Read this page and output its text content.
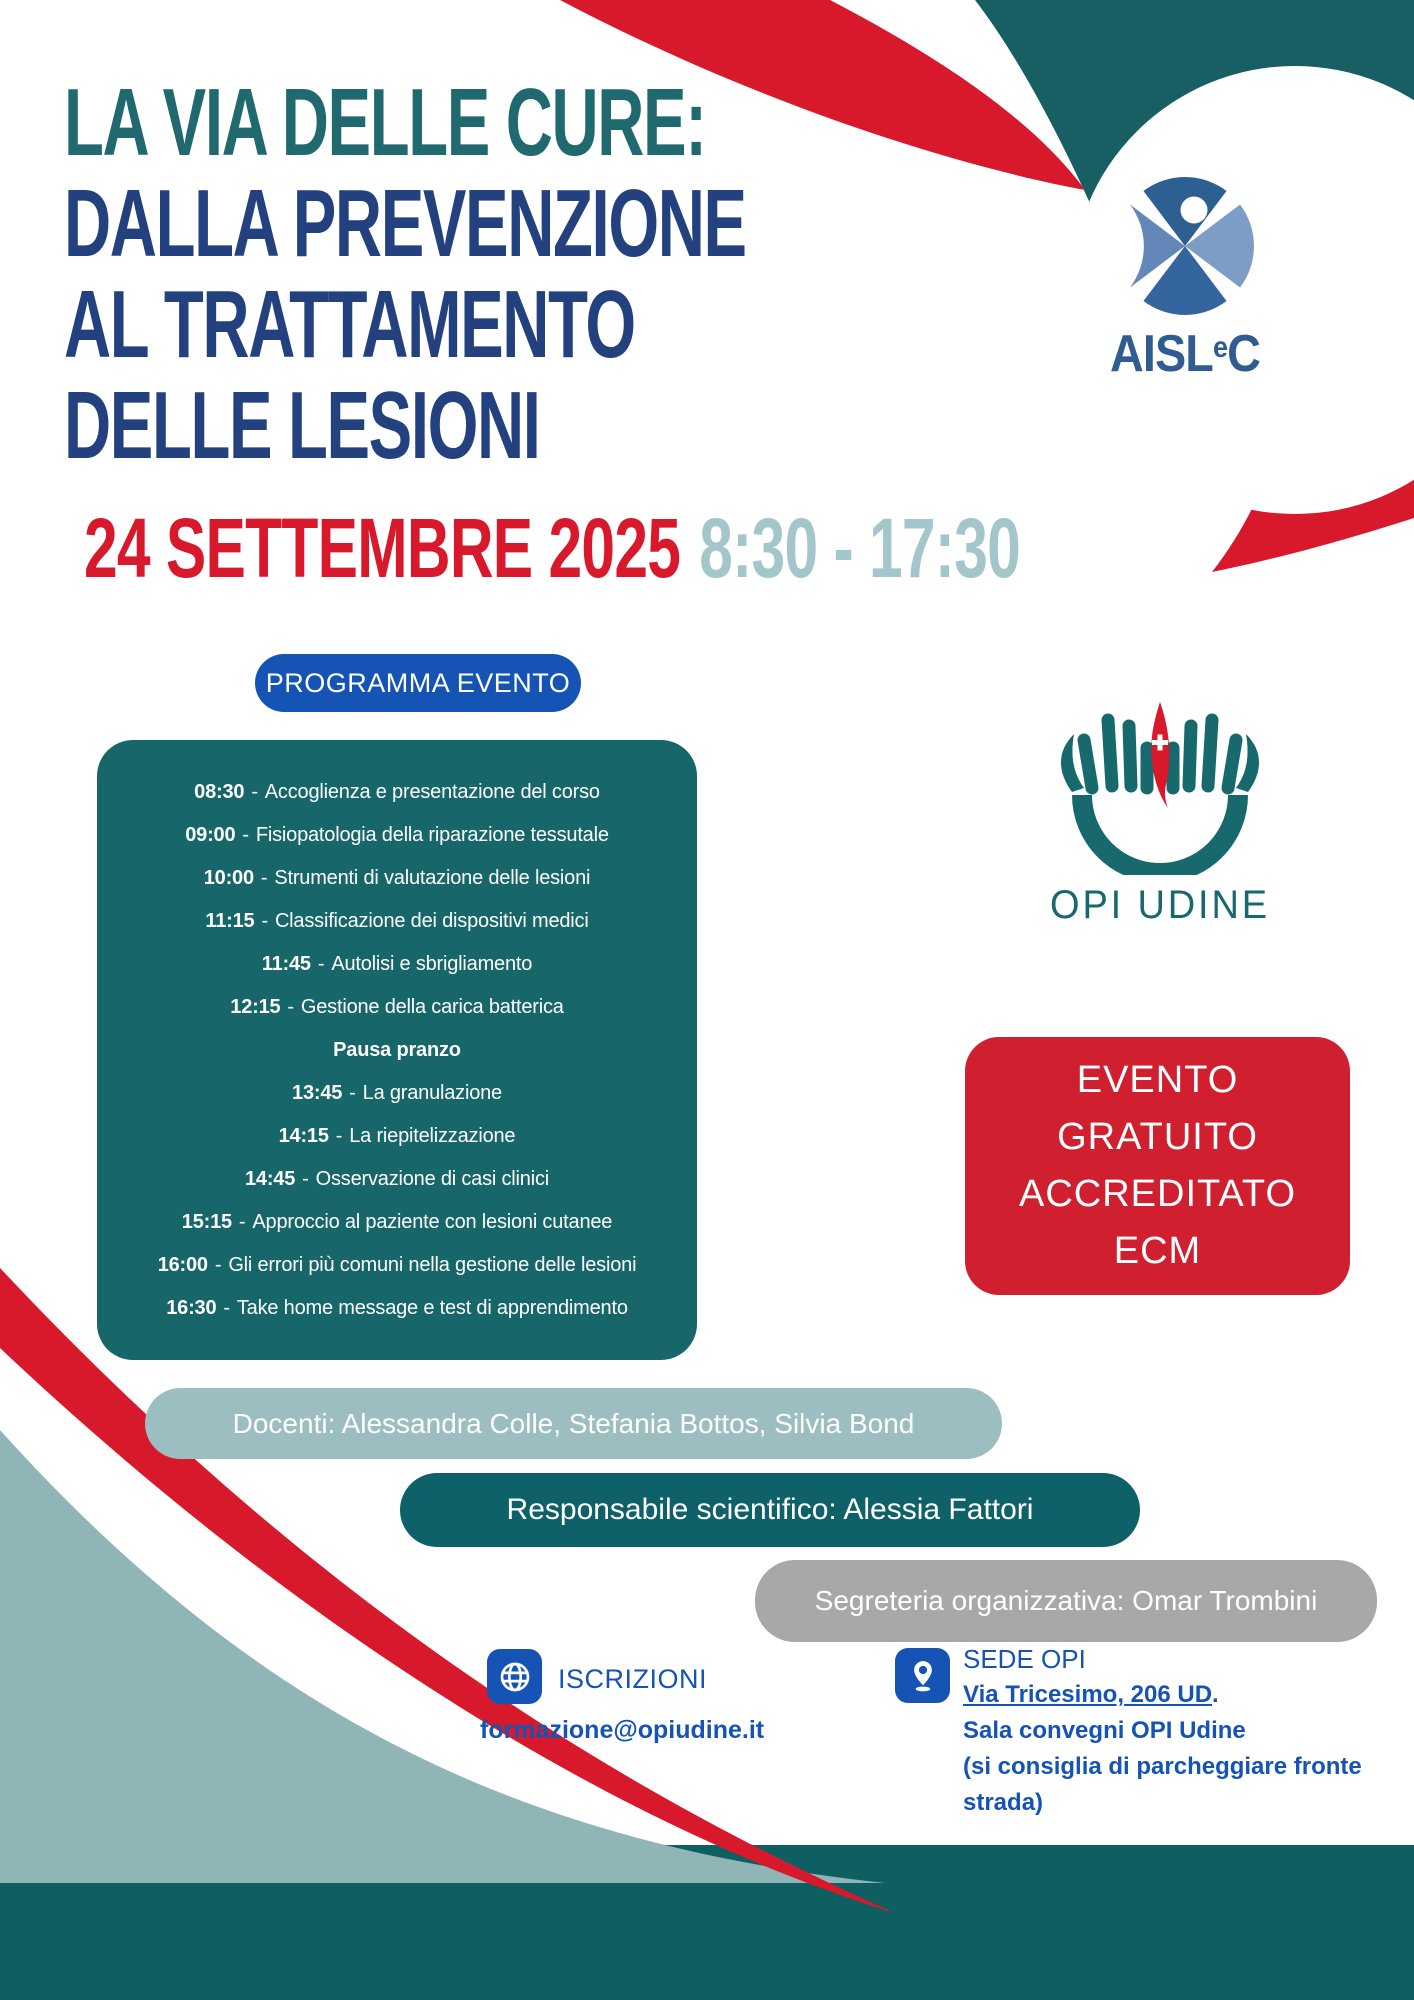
LA VIA DELLE CURE:
DALLA PREVENZIONE
AL TRATTAMENTO
DELLE LESIONI
24 SETTEMBRE 2025 8:30 - 17:30
PROGRAMMA EVENTO
08:30 - Accoglienza e presentazione del corso
09:00 - Fisiopatologia della riparazione tessutale
10:00 - Strumenti di valutazione delle lesioni
11:15 - Classificazione dei dispositivi medici
11:45 - Autolisi e sbrigliamento
12:15 - Gestione della carica batterica
Pausa pranzo
13:45 - La granulazione
14:15 - La riepitelizzazione
14:45 - Osservazione di casi clinici
15:15 - Approccio al paziente con lesioni cutanee
16:00 - Gli errori più comuni nella gestione delle lesioni
16:30 - Take home message e test di apprendimento
AISL$^e$C
OPI UDINE
EVENTO
GRATUITO
ACCREDITATO
ECM
Docenti: Alessandra Colle, Stefania Bottos, Silvia Bond
Responsabile scientifico: Alessia Fattori
Segreteria organizzativa: Omar Trombini
ISCRIZIONI
formazione@opiudine.it
SEDE OPI
Via Tricesimo, 206 UD.
Sala convegni OPI Udine
(si consiglia di parcheggiare fronte
strada)
